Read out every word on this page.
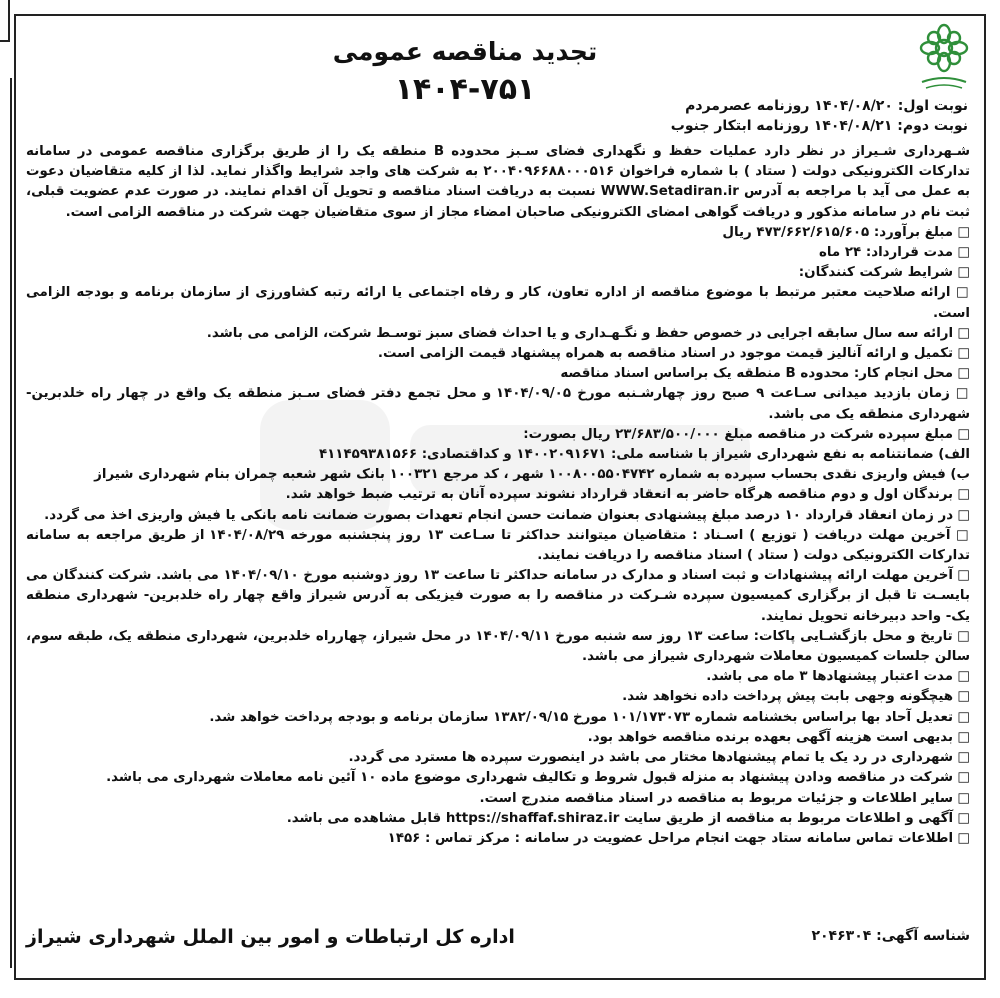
تجدید مناقصه عمومی

۱۴۰۴-۷۵۱	نوبت اول: ۱۴۰۴/۰۸/۲۰ روزنامه عصرمردم
نوبت دوم: ۱۴۰۴/۰۸/۲۱ روزنامه ابتکار جنوب

شـهرداری شـیراز در نظر دارد عملیات حفظ و نگهداری فضای سـبز محدوده B منطقه یک را از طریق برگزاری مناقصه عمومی در سامانه تدارکات الکترونیکی دولت ( ستاد ) با شماره فراخوان ۲۰۰۴۰۹۶۶۸۸۰۰۰۵۱۶ به شرکت های واجد شرایط واگذار نماید. لذا از کلیه متقاضیان دعوت به عمل می آید با مراجعه به آدرس WWW.Setadiran.ir نسبت به دریافت اسناد مناقصه و تحویل آن اقدام نمایند. در صورت عدم عضویت قبلی، ثبت نام در سامانه مذکور و دریافت گواهی امضای الکترونیکی صاحبان امضاء مجاز از سوی متقاضیان جهت شرکت در مناقصه الزامی است.

□ مبلغ برآورد: ۴۷۳/۶۶۲/۶۱۵/۶۰۵ ریال

□ مدت قرارداد: ۲۴ ماه

□ شرایط شرکت کنندگان:

□ ارائه صلاحیت معتبر مرتبط با موضوع مناقصه از اداره تعاون، کار و رفاه اجتماعی یا ارائه رتبه کشاورزی از سازمان برنامه و بودجه الزامی است.

□ ارائه سه سال سابقه اجرایی در خصوص حفظ و نگـهـداری و یا احداث فضای سبز توسـط شرکت، الزامی می باشد.

□ تکمیل و ارائه آنالیز قیمت موجود در اسناد مناقصه به همراه پیشنهاد قیمت الزامی است.

□ محل انجام کار: محدوده B منطقه یک براساس اسناد مناقصه

□ زمان بازدید میدانی سـاعت ۹ صبح روز چهارشـنبه مورخ ۱۴۰۴/۰۹/۰۵ و محل تجمع دفتر فضای سـبز منطقه یک واقع در چهار راه خلدبرین-شهرداری منطقه یک می باشد.

□ مبلغ سپرده شرکت در مناقصه مبلغ ۲۳/۶۸۳/۵۰۰/۰۰۰ ریال بصورت:

الف) ضمانتنامه به نفع شهرداری شیراز با شناسه ملی: ۱۴۰۰۲۰۹۱۶۷۱ و کداقتصادی: ۴۱۱۴۵۹۳۸۱۵۶۶

ب) فیش واریزی نقدی بحساب سپرده به شماره ۱۰۰۸۰۰۵۵۰۴۷۴۲ شهر ، کد مرجع ۱۰۰۳۲۱ بانک شهر شعبه چمران بنام شهرداری شیراز

□ برندگان اول و دوم مناقصه هرگاه حاضر به انعقاد قرارداد نشوند سپرده آنان به ترتیب ضبط خواهد شد.

□ در زمان انعقاد قرارداد ۱۰ درصد مبلغ پیشنهادی بعنوان ضمانت حسن انجام تعهدات بصورت ضمانت نامه بانکی یا فیش واریزی اخذ می گردد.

□ آخرین مهلت دریافت ( توزیع ) اسـناد : متقاضیان میتوانند حداکثر تا سـاعت ۱۳ روز پنجشنبه مورخه ۱۴۰۴/۰۸/۲۹ از طریق مراجعه به سامانه تدارکات الکترونیکی دولت ( ستاد ) اسناد مناقصه را دریافت نمایند.

□ آخرین مهلت ارائه پیشنهادات و ثبت اسناد و مدارک در سامانه حداکثر تا ساعت ۱۳ روز دوشنبه مورخ ۱۴۰۴/۰۹/۱۰ می باشد. شرکت کنندگان می بایسـت تا قبل از برگزاری کمیسیون سپرده شـرکت در مناقصه را به صورت فیزیکی به آدرس شیراز واقع چهار راه خلدبرین- شهرداری منطقه یک- واحد دبیرخانه تحویل نمایند.

□ تاریخ و محل بازگشـایی پاکات: ساعت ۱۳ روز سه شنبه مورخ ۱۴۰۴/۰۹/۱۱ در محل شیراز، چهارراه خلدبرین، شهرداری منطقه یک، طبقه سوم، سالن جلسات کمیسیون معاملات شهرداری شیراز می باشد.

□ مدت اعتبار پیشنهادها ۳ ماه می باشد.

□ هیچگونه وجهی بابت پیش پرداخت داده نخواهد شد.

□ تعدیل آحاد بها براساس بخشنامه شماره ۱۰۱/۱۷۳۰۷۳ مورخ ۱۳۸۲/۰۹/۱۵ سازمان برنامه و بودجه پرداخت خواهد شد.

□ بدیهی است هزینه آگهی بعهده برنده مناقصه خواهد بود.

□ شهرداری در رد یک یا تمام پیشنهادها مختار می باشد در اینصورت سپرده ها مسترد می گردد.

□ شرکت در مناقصه ودادن پیشنهاد به منزله قبول شروط و تکالیف شهرداری موضوع ماده ۱۰ آئین نامه معاملات شهرداری می باشد.

□ سایر اطلاعات و جزئیات مربوط به مناقصه در اسناد مناقصه مندرج است.

□ آگهی و اطلاعات مربوط به مناقصه از طریق سایت https://shaffaf.shiraz.ir قابل مشاهده می باشد.

□ اطلاعات تماس سامانه ستاد جهت انجام مراحل عضویت در سامانه : مرکز تماس : ۱۴۵۶

شناسه آگهی: ۲۰۴۶۳۰۴
اداره کل ارتباطات و امور بین الملل شهرداری شیراز
